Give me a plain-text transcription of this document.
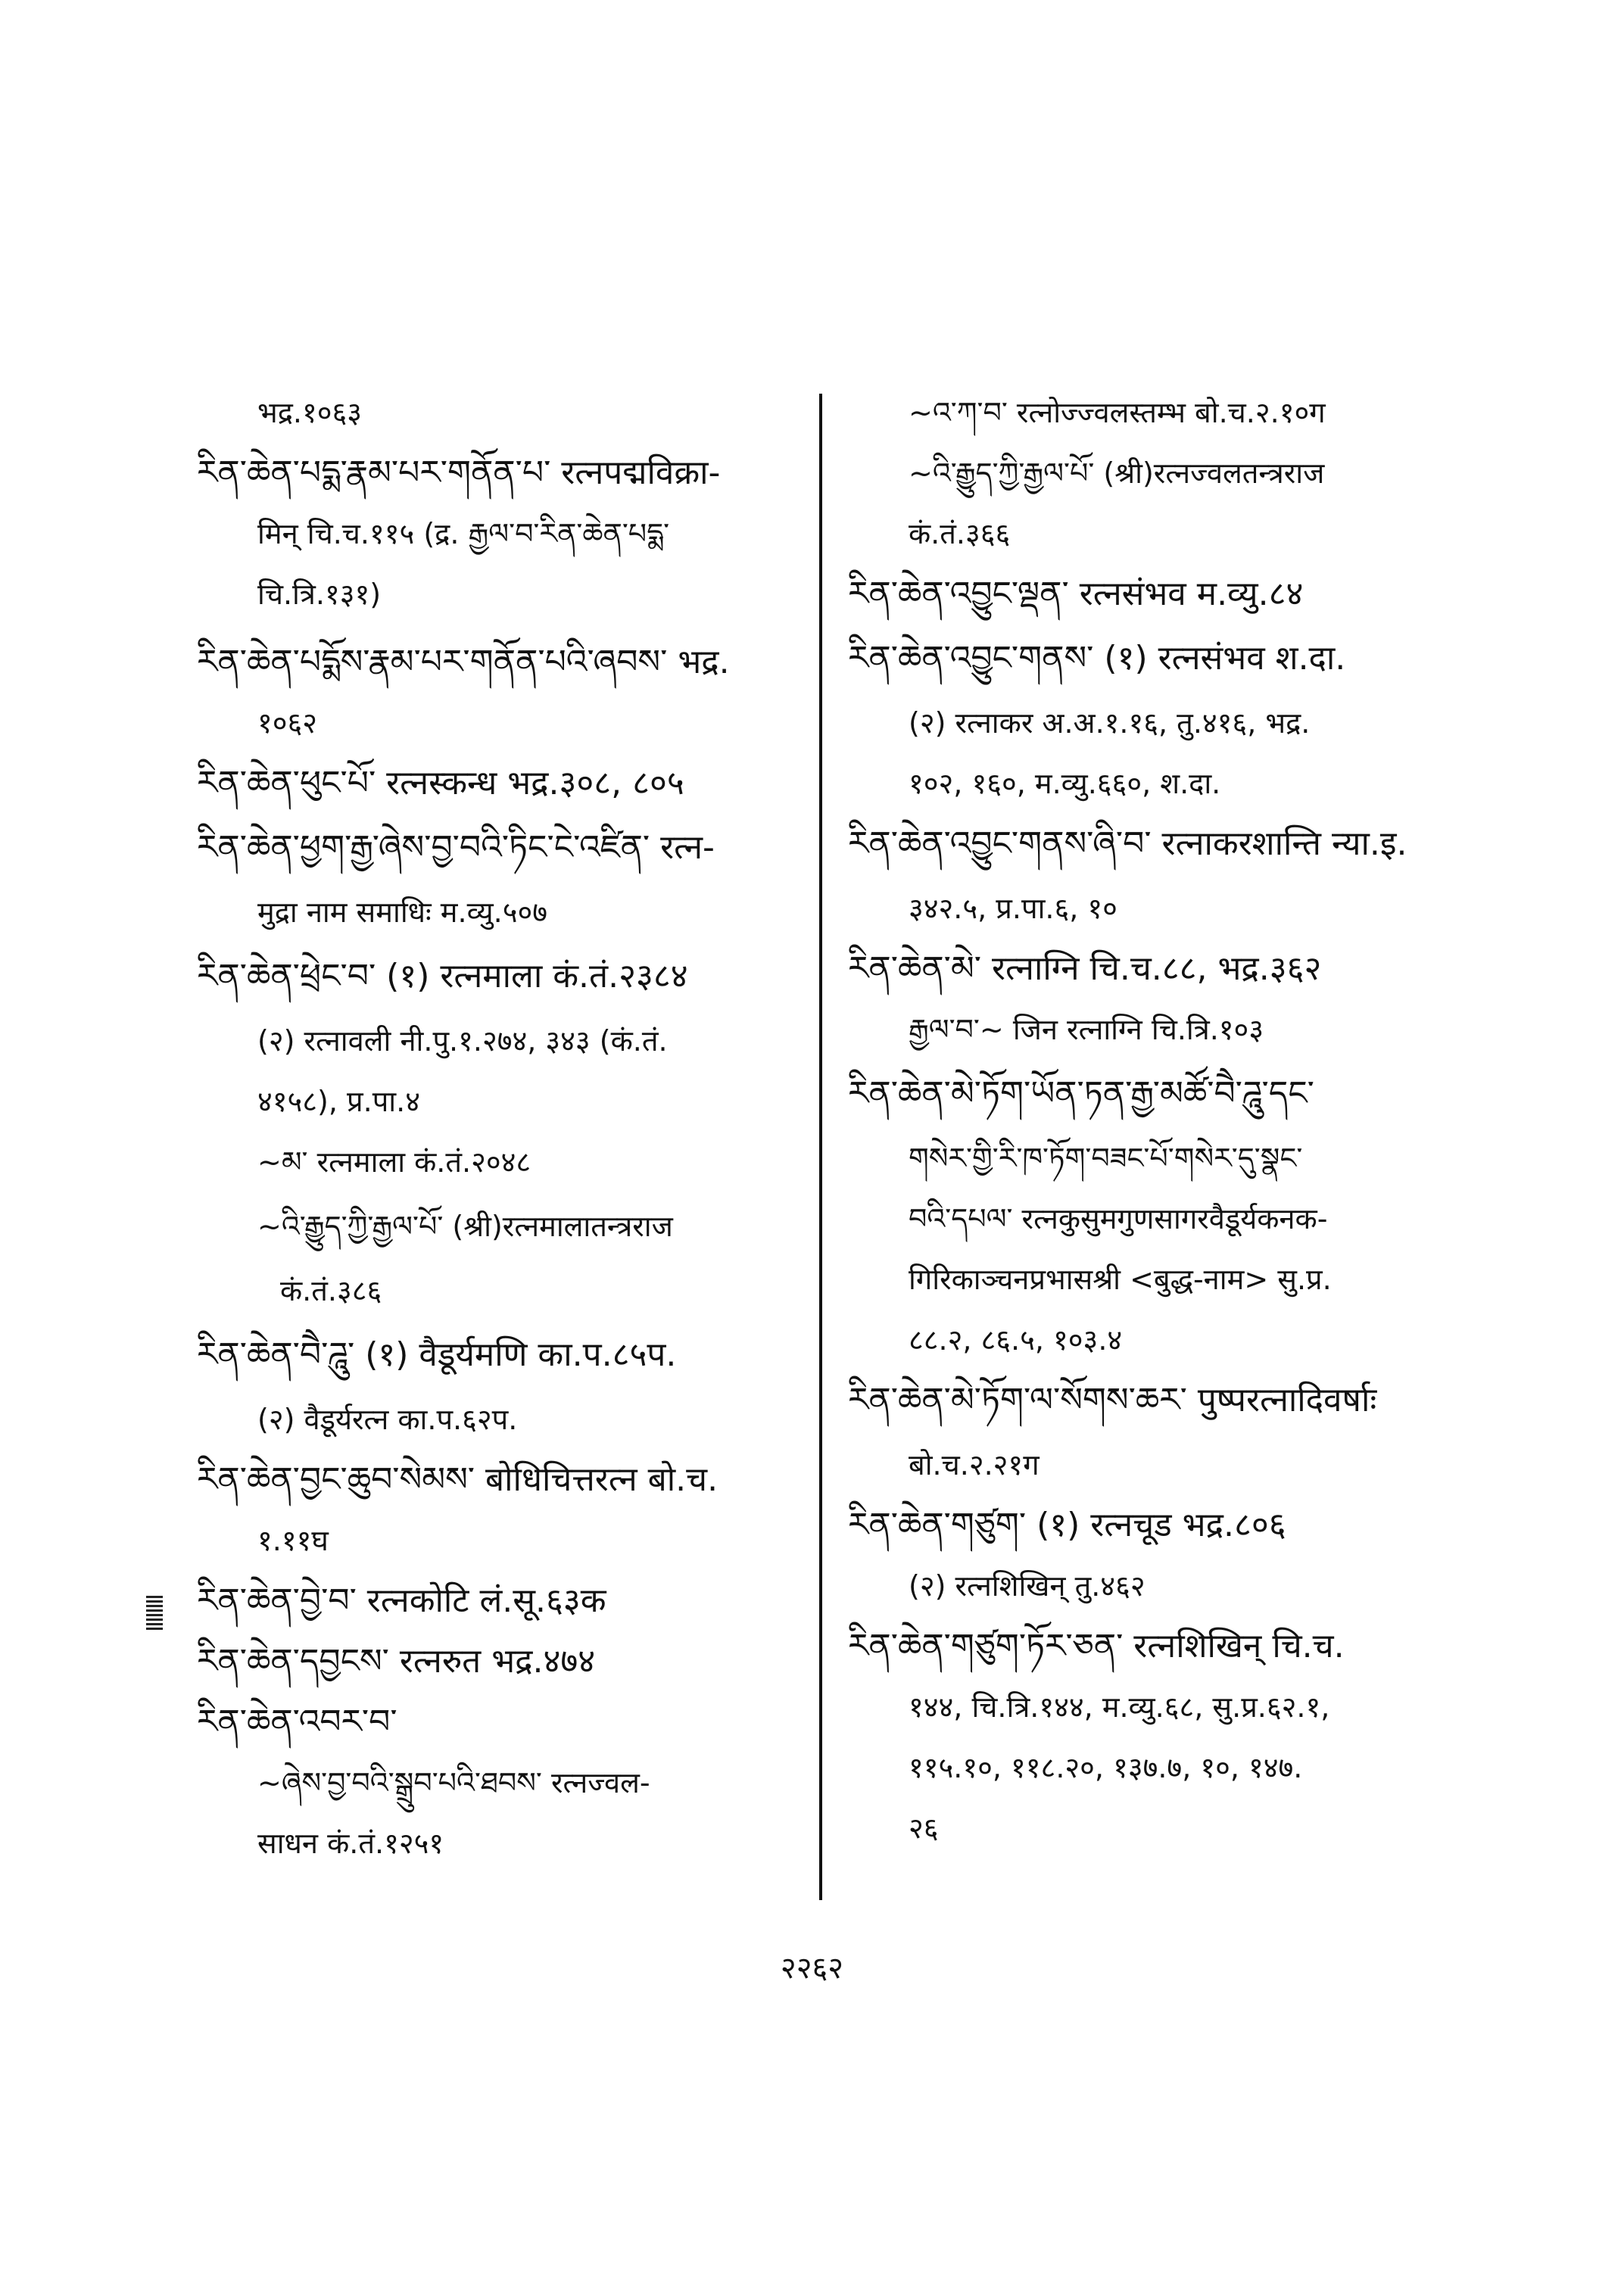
भद्र.१०६३
རིན་ཆེན་པདྨ་རྣམ་པར་གནོན་པ་ रत्नपद्मविक्रा-
मिन् चि.च.११५ (द्र. རྒྱལ་བ་རིན་ཆེན་པདྨ་
चि.त्रि.१३१)
རིན་ཆེན་པདྨོས་རྣམ་པར་གནོན་པའི་ཞབས་ भद्र.
१०६२
རིན་ཆེན་ཕུང་པོ་ रत्नस्कन्ध भद्र.३०८, ८०५
རིན་ཆེན་ཕྱག་རྒྱ་ཞེས་བྱ་བའི་ཏིང་ངེ་འཛིན་ रत्न-
मुद्रा नाम समाधिः म.व्यु.५०७
རིན་ཆེན་ཕྲེང་བ་ (१) रत्नमाला कं.तं.२३८४
(२) रत्नावली नी.पु.१.२७४, ३४३ (कं.तं.
४१५८), प्र.पा.४
~མ་ रत्नमाला कं.तं.२०४८
~འི་རྒྱུད་ཀྱི་རྒྱལ་པོ་ (श्री)रत्नमालातन्त्रराज
कं.तं.३८६
རིན་ཆེན་བཻ་ཌཱུ་ (१) वैडूर्यमणि का.प.८५प.
(२) वैडूर्यरत्न का.प.६२प.
རིན་ཆེན་བྱང་ཆུབ་སེམས་ बोधिचित्तरत्न बो.च.
१.११घ
རིན་ཆེན་བྱེ་བ་ रत्नकोटि लं.सू.६३क
རིན་ཆེན་དབྱངས་ रत्नरुत भद्र.४७४
རིན་ཆེན་འབར་བ་
~ཞེས་བྱ་བའི་སྒྲུབ་པའི་ཐབས་ रत्नज्वल-
साधन कं.तं.१२५१
~འ་ཀ་བ་ रत्नोज्ज्वलस्तम्भ बो.च.२.१०ग
~འི་རྒྱུད་ཀྱི་རྒྱལ་པོ་ (श्री)रत्नज्वलतन्त्रराज
कं.तं.३६६
རིན་ཆེན་འབྱུང་ལྡན་ रत्नसंभव म.व्यु.८४
རིན་ཆེན་འབྱུང་གནས་ (१) रत्नसंभव श.दा.
(२) रत्नाकर अ.अ.१.१६, तु.४१६, भद्र.
१०२, १६०, म.व्यु.६६०, श.दा.
རིན་ཆེན་འབྱུང་གནས་ཞི་བ་ रत्नाकरशान्ति न्या.इ.
३४२.५, प्र.पा.६, १०
རིན་ཆེན་མེ་ रत्नाग्नि चि.च.८८, भद्र.३६२
རྒྱལ་བ་~ जिन रत्नाग्नि चि.त्रि.१०३
རིན་ཆེན་མེ་ཏོག་ཡོན་ཏན་རྒྱ་མཚོ་བཻ་ཌཱུ་དང་
གསེར་གྱི་རི་ཁ་ཏོག་བཟང་པོ་གསེར་དུ་སྣང་
བའི་དཔལ་ रत्नकुसुमगुणसागरवैडूर्यकनक-
गिरिकाञ्चनप्रभासश्री <बुद्ध-नाम> सु.प्र.
८८.२, ८६.५, १०३.४
རིན་ཆེན་མེ་ཏོག་ལ་སོགས་ཆར་ पुष्परत्नादिवर्षाः
बो.च.२.२१ग
རིན་ཆེན་གཙུག་ (१) रत्नचूड भद्र.८०६
(२) रत्नशिखिन् तु.४६२
རིན་ཆེན་གཙུག་ཏོར་ཅན་ रत्नशिखिन् चि.च.
१४४, चि.त्रि.१४४, म.व्यु.६८, सु.प्र.६२.१,
११५.१०, ११८.२०, १३७.७, १०, १४७.
२६
२२६२
